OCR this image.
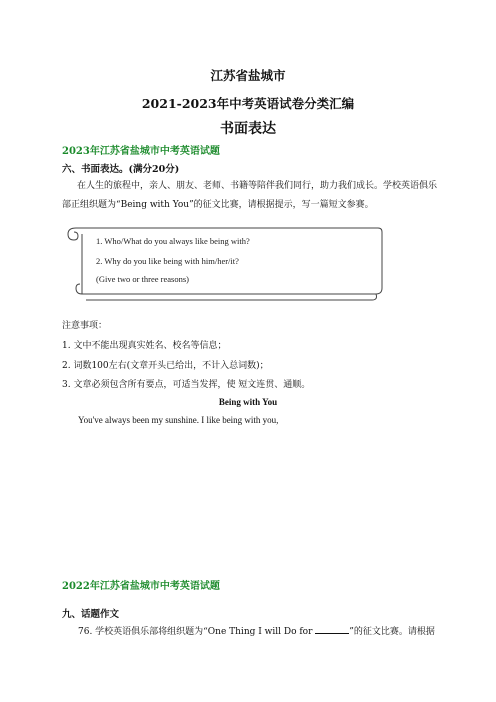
江苏省盐城市
2021-2023年中考英语试卷分类汇编
书面表达
2023年江苏省盐城市中考英语试题
六、书面表达。(满分20分)
在人生的旅程中，亲人、朋友、老师、书籍等陪伴我们同行，助力我们成长。学校英语俱乐部正组织题为“Being with You”的征文比赛，请根据提示，写一篇短文参赛。
1. Who/What do you always like being with?
2. Why do you like being with him/her/it?
(Give two or three reasons)
注意事项：
1. 文中不能出现真实姓名、校名等信息；
2. 词数100左右(文章开头已给出，不计入总词数)；
3. 文章必须包含所有要点，可适当发挥，使 短文连贯、通顺。
Being with You
You've always been my sunshine. I like being with you,
2022年江苏省盐城市中考英语试题
九、话题作文
76. 学校英语俱乐部将组织题为“One Thing I will Do for	”的征文比赛。请根据
